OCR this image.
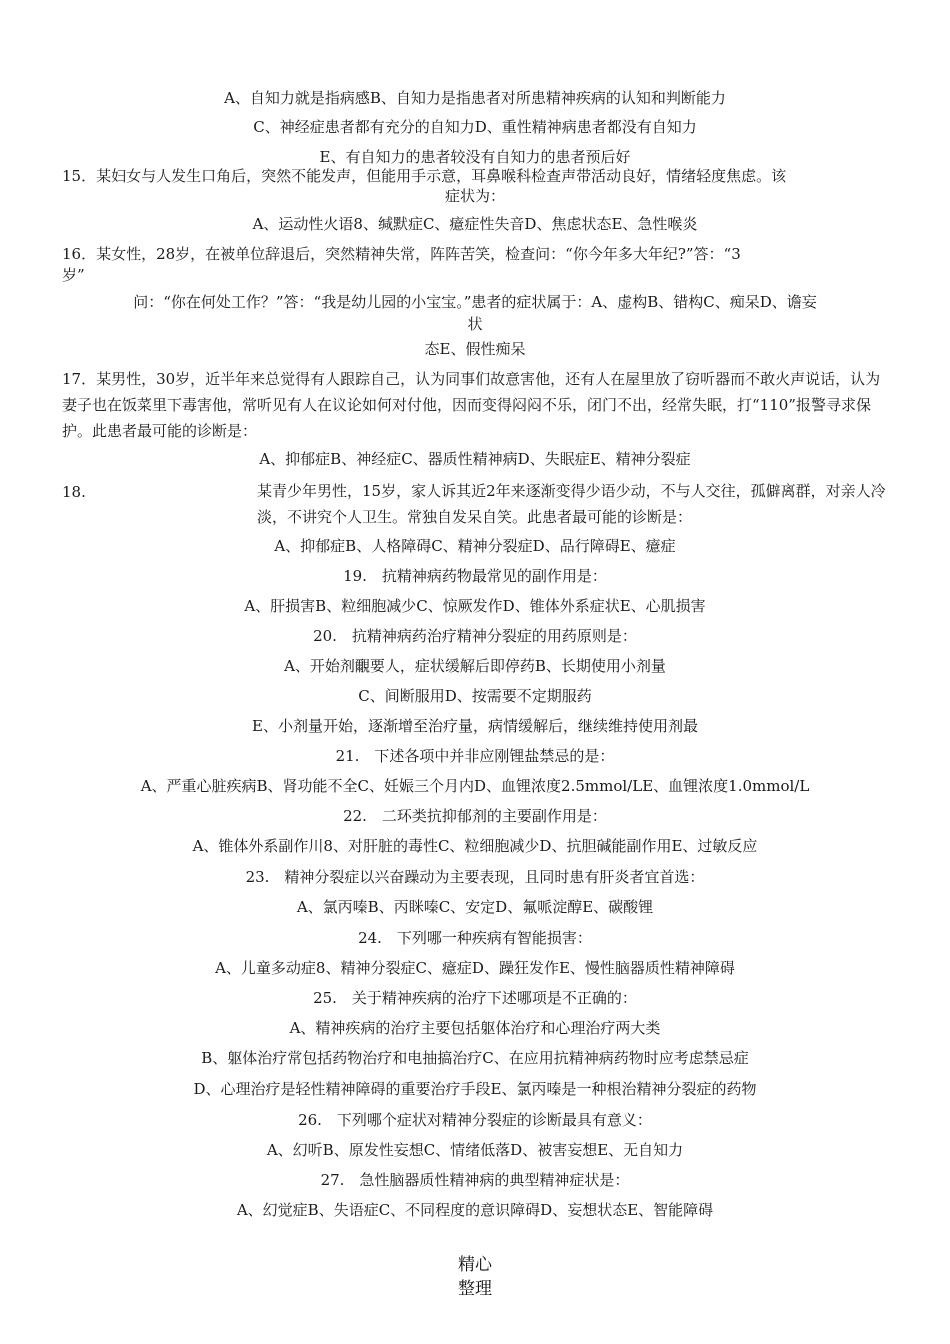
A、自知力就是指病感B、自知力是指患者对所患精神疾病的认知和判断能力
C、神经症患者都有充分的自知力D、重性精神病患者都没有自知力
E、有自知力的患者较没有自知力的患者预后好
15．某妇女与人发生口角后，突然不能发声，但能用手示意，耳鼻喉科检查声带活动良好，情绪轻度焦虑。该
症状为：
A、运动性火语8、缄默症C、癔症性失音D、焦虑状态E、急性喉炎
16．某女性，28岁，在被单位辞退后，突然精神失常，阵阵苦笑，检查问：“你今年多大年纪?”答：“3
岁”
问：“你在何处工作？”答：“我是幼儿园的小宝宝。”患者的症状属于：A、虚构B、错构C、痴呆D、谵妄
状
态E、假性痴呆
17．某男性，30岁，近半年来总觉得有人跟踪自己，认为同事们故意害他，还有人在屋里放了窃听器而不敢火声说话，认为妻子也在饭菜里下毒害他，常听见有人在议论如何对付他，因而变得闷闷不乐，闭门不出，经常失眠，打“110”报警寻求保护。此患者最可能的诊断是：
A、抑郁症B、神经症C、器质性精神病D、失眠症E、精神分裂症
18.	某青少年男性，15岁，家人诉其近2年来逐渐变得少语少动，不与人交往，孤僻离群，对亲人冷淡，不讲究个人卫生。常独自发呆自笑。此患者最可能的诊断是：
A、抑郁症B、人格障碍C、精神分裂症D、品行障碍E、癔症
19.　抗精神病药物最常见的副作用是：
A、肝损害B、粒细胞减少C、惊厥发作D、锥体外系症状E、心肌损害
20.　抗精神病药治疗精神分裂症的用药原则是：
A、开始剂覼要人，症状缓解后即停药B、长期使用小剂量
C、间断服用D、按需要不定期服药
E、小剂量开始，逐渐增至治疗量，病情缓解后，继续维持使用剂最
21.　下述各项中并非应刚锂盐禁忌的是：
A、严重心脏疾病B、肾功能不全C、妊娠三个月内D、血锂浓度2.5mmol/LE、血锂浓度1.0mmol/L
22.　二环类抗抑郁剂的主要副作用是：
A、锥体外系副作川8、对肝脏的毒性C、粒细胞减少D、抗胆碱能副作用E、过敏反应
23.　精神分裂症以兴奋躁动为主要表现，且同时患有肝炎者宜首选：
A、氯丙嗪B、丙眯嗪C、安定D、氟哌淀醇E、碳酸锂
24.　下列哪一种疾病有智能损害：
A、儿童多动症8、精神分裂症C、癔症D、躁狂发作E、慢性脑器质性精神障碍
25.　关于精神疾病的治疗下述哪项是不正确的：
A、精神疾病的治疗主要包括躯体治疗和心理治疗两大类
B、躯体治疗常包括药物治疗和电抽搞治疗C、在应用抗精神病药物时应考虑禁忌症
D、心理治疗是轻性精神障碍的重要治疗手段E、氯丙嗪是一种根治精神分裂症的药物
26.　下列哪个症状对精神分裂症的诊断最具有意义：
A、幻听B、原发性妄想C、情绪低落D、被害妄想E、无自知力
27.　急性脑器质性精神病的典型精神症状是：
A、幻觉症B、失语症C、不同程度的意识障碍D、妄想状态E、智能障碍
精心
整理
